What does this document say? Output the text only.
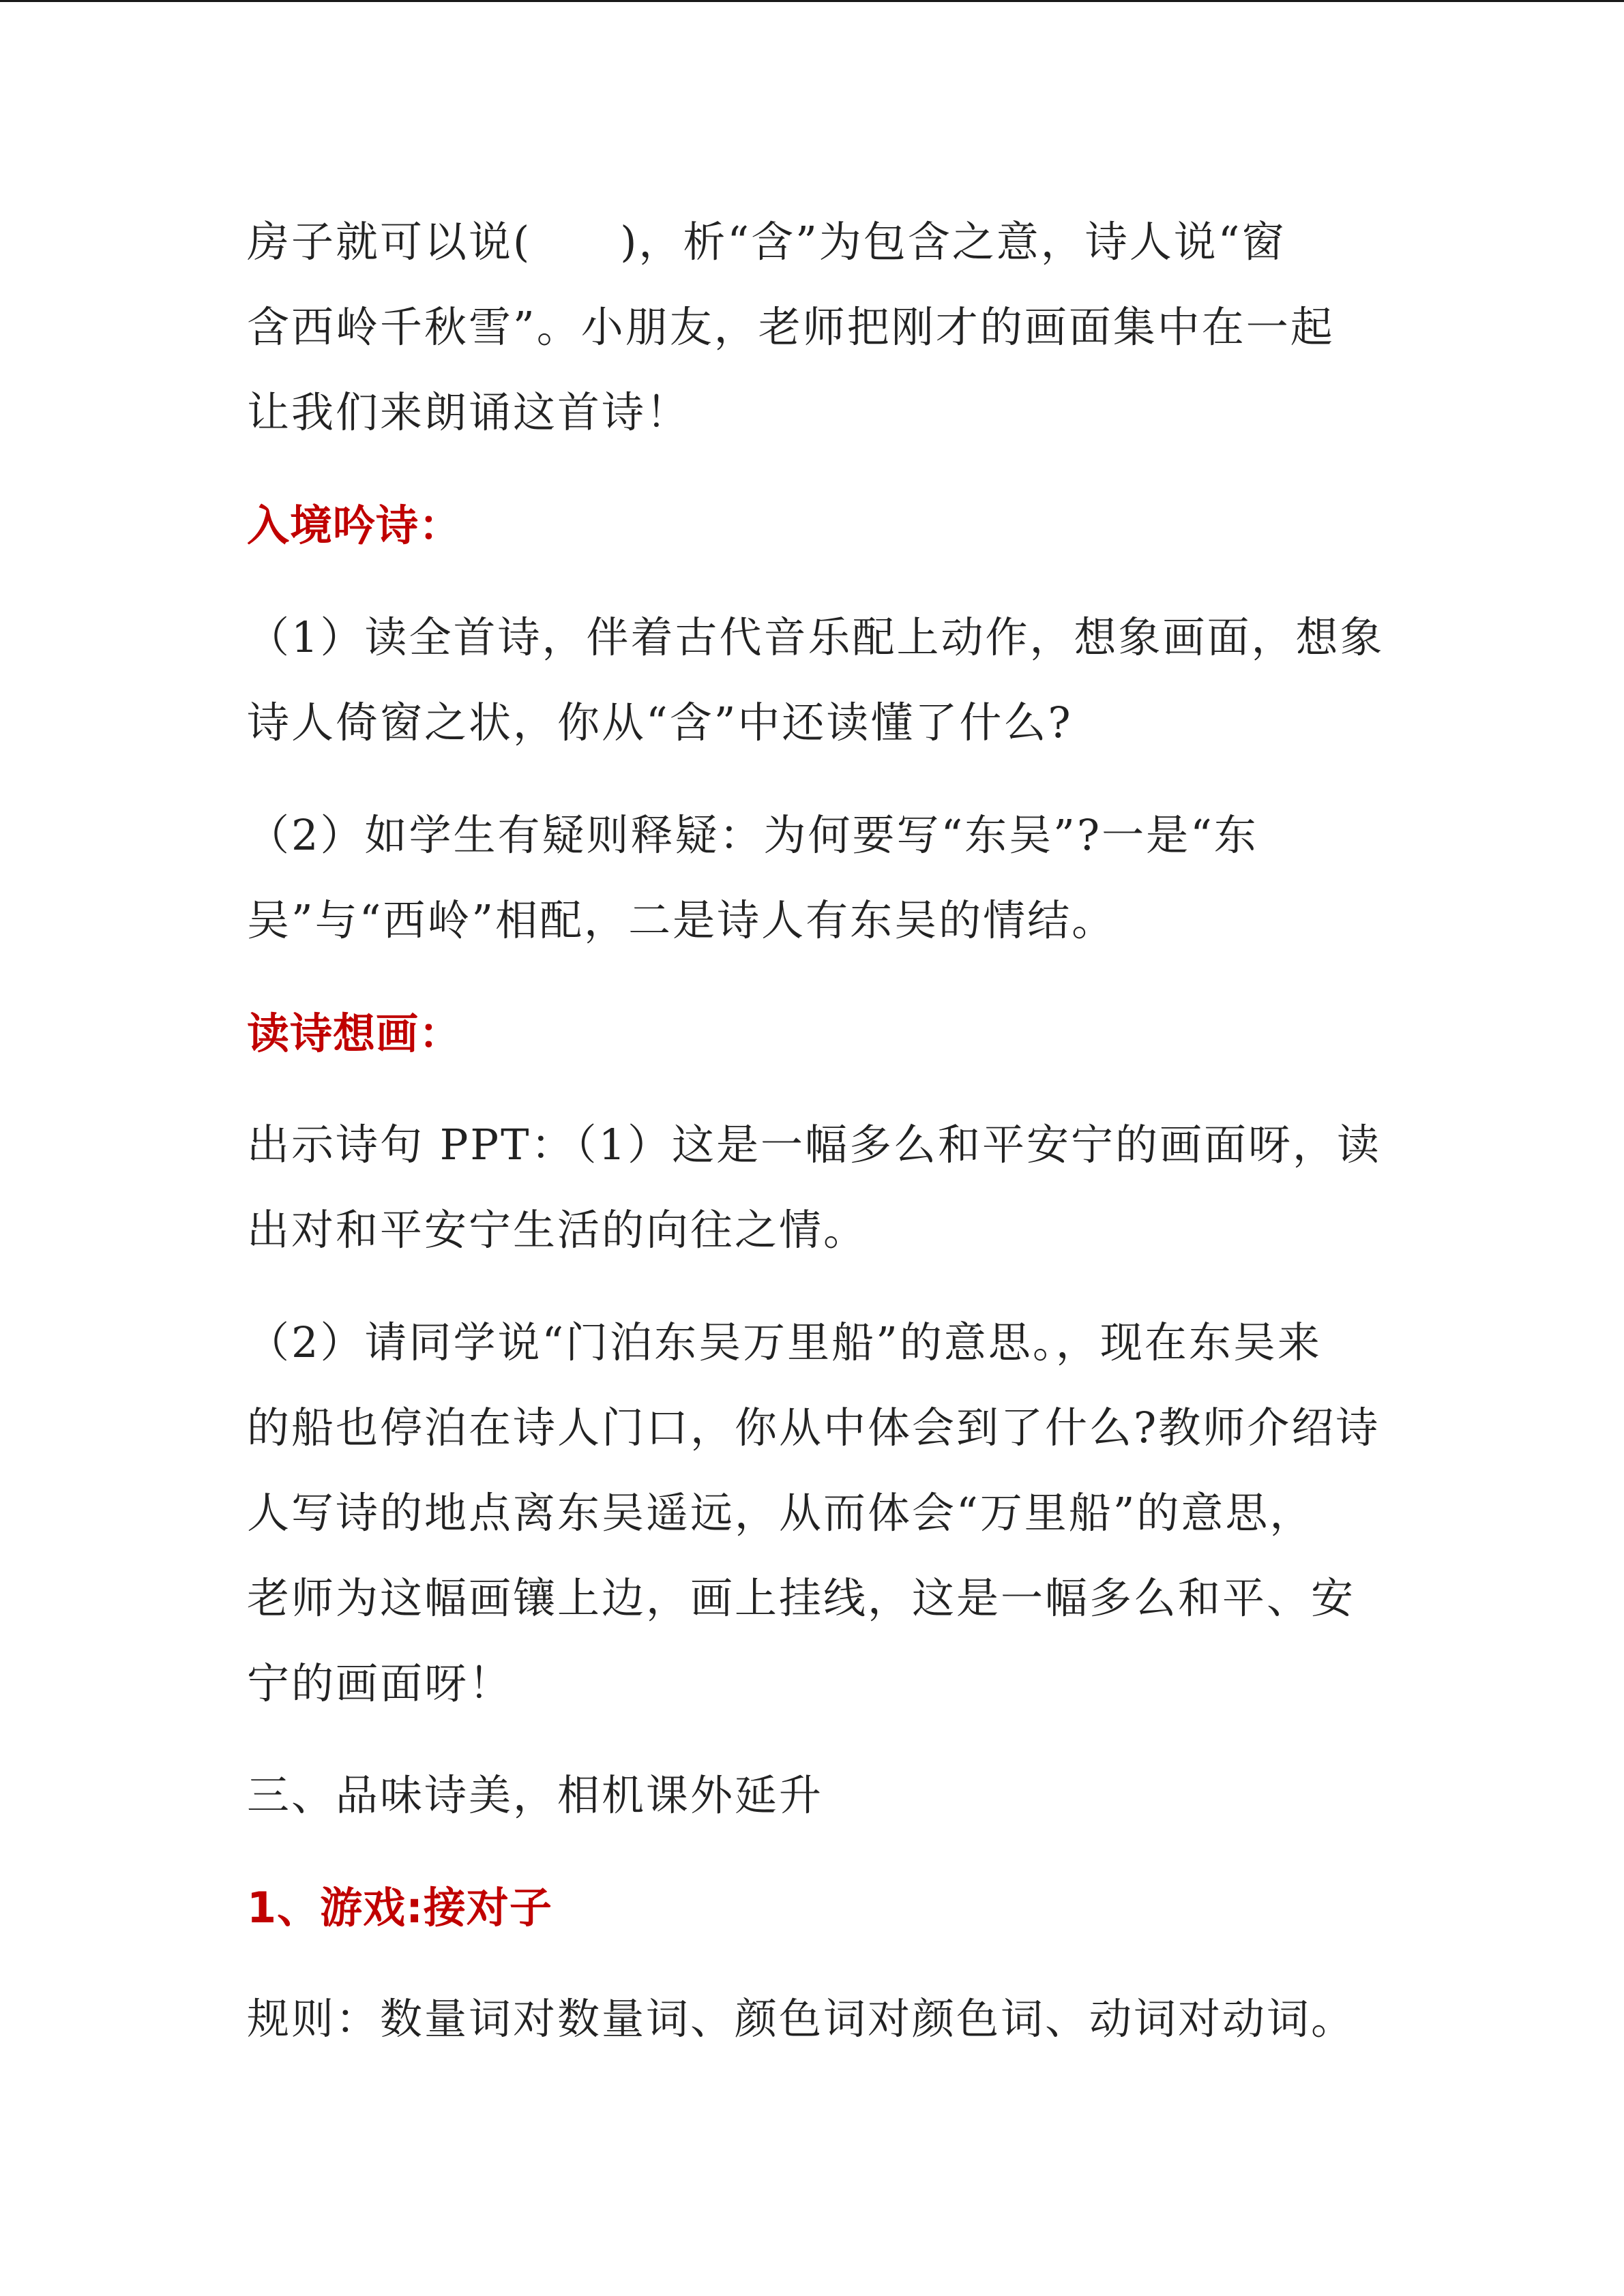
房子就可以说(　　)，析“含”为包含之意，诗人说“窗
含西岭千秋雪”。小朋友，老师把刚才的画面集中在一起
让我们来朗诵这首诗！
入境吟诗：
（1）读全首诗，伴着古代音乐配上动作，想象画面，想象
诗人倚窗之状，你从“含”中还读懂了什么?
（2）如学生有疑则释疑：为何要写“东吴”?一是“东
吴”与“西岭”相配，二是诗人有东吴的情结。
读诗想画：
出示诗句 PPT：（1）这是一幅多么和平安宁的画面呀，读
出对和平安宁生活的向往之情。
（2）请同学说“门泊东吴万里船”的意思。，现在东吴来
的船也停泊在诗人门口，你从中体会到了什么?教师介绍诗
人写诗的地点离东吴遥远，从而体会“万里船”的意思，
老师为这幅画镶上边，画上挂线，这是一幅多么和平、安
宁的画面呀！
三、品味诗美，相机课外延升
1、游戏:接对子
规则：数量词对数量词、颜色词对颜色词、动词对动词。
